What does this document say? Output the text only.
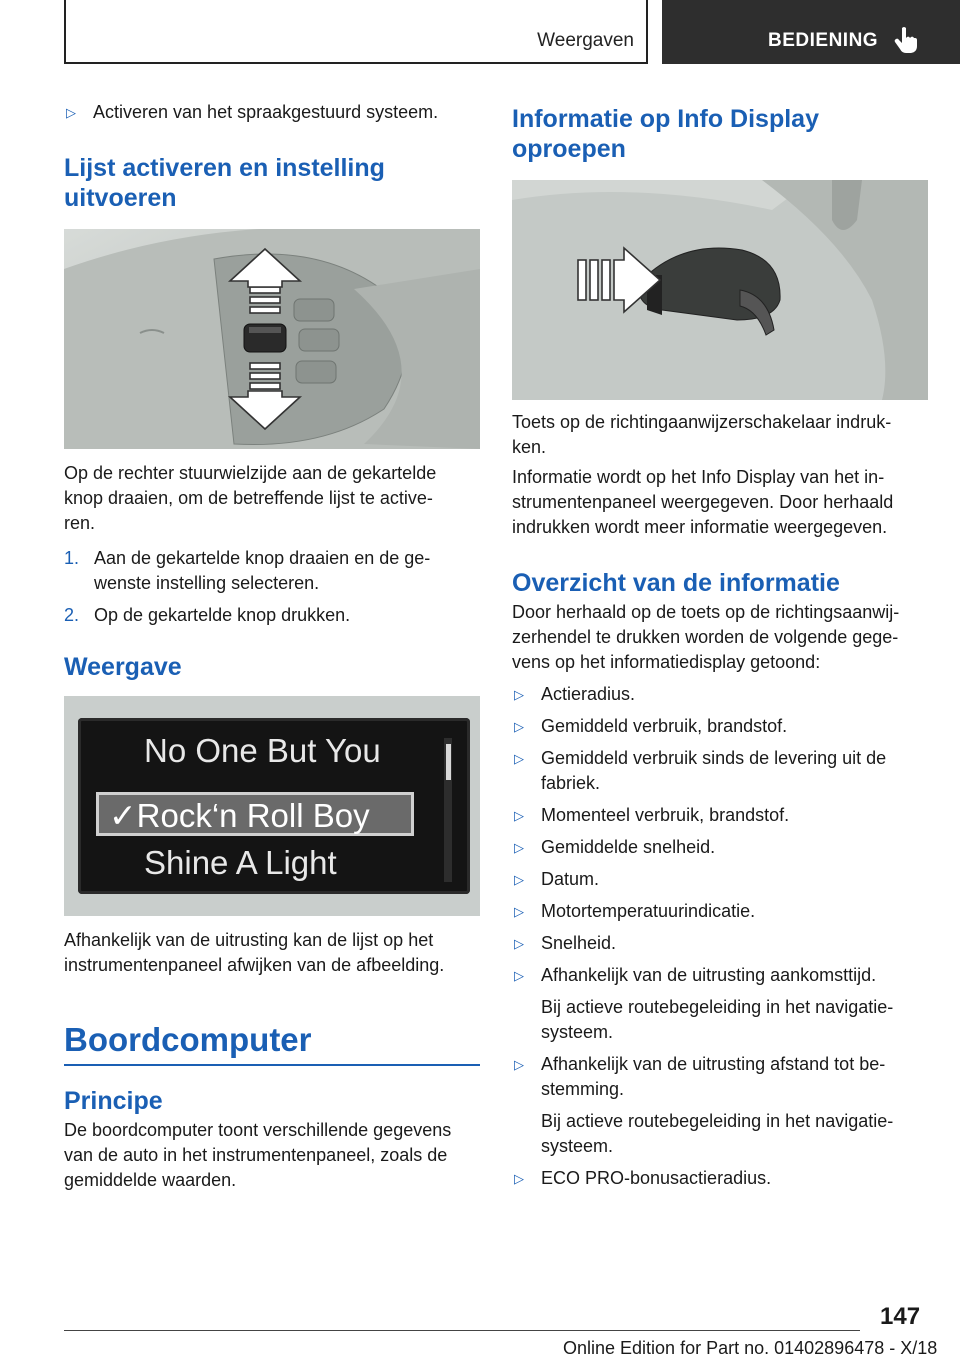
Weergaven	BEDIENING
▷ Activeren van het spraakgestuurd systeem.
Lijst activeren en instelling
uitvoeren

Op de rechter stuurwielzijde aan de gekartelde
knop draaien, om de betreffende lijst te active-
ren.

1. Aan de gekartelde knop draaien en de ge-
wenste instelling selecteren.
2. Op de gekartelde knop drukken.
Weergave
No One But You
✓Rock‘n Roll Boy
Shine A Light

Afhankelijk van de uitrusting kan de lijst op het
instrumentenpaneel afwijken van de afbeelding.

Boordcomputer
Principe

De boordcomputer toont verschillende gegevens
van de auto in het instrumentenpaneel, zoals de
gemiddelde waarden.

Informatie op Info Display
oproepen

Toets op de richtingaanwijzerschakelaar indruk-
ken.

Informatie wordt op het Info Display van het in-
strumentenpaneel weergegeven. Door herhaald
indrukken wordt meer informatie weergegeven.

Overzicht van de informatie

Door herhaald op de toets op de richtingsaanwij-
zerhendel te drukken worden de volgende gege-
vens op het informatiedisplay getoond:

▷ Actieradius.
▷ Gemiddeld verbruik, brandstof.
▷ Gemiddeld verbruik sinds de levering uit de
fabriek.
▷ Momenteel verbruik, brandstof.
▷ Gemiddelde snelheid.
▷ Datum.
▷ Motortemperatuurindicatie.
▷ Snelheid.
▷ Afhankelijk van de uitrusting aankomsttijd.
Bij actieve routebegeleiding in het navigatie-
systeem.
▷ Afhankelijk van de uitrusting afstand tot be-
stemming.
Bij actieve routebegeleiding in het navigatie-
systeem.
▷ ECO PRO-bonusactieradius.
147
Online Edition for Part no. 01402896478 - X/18
